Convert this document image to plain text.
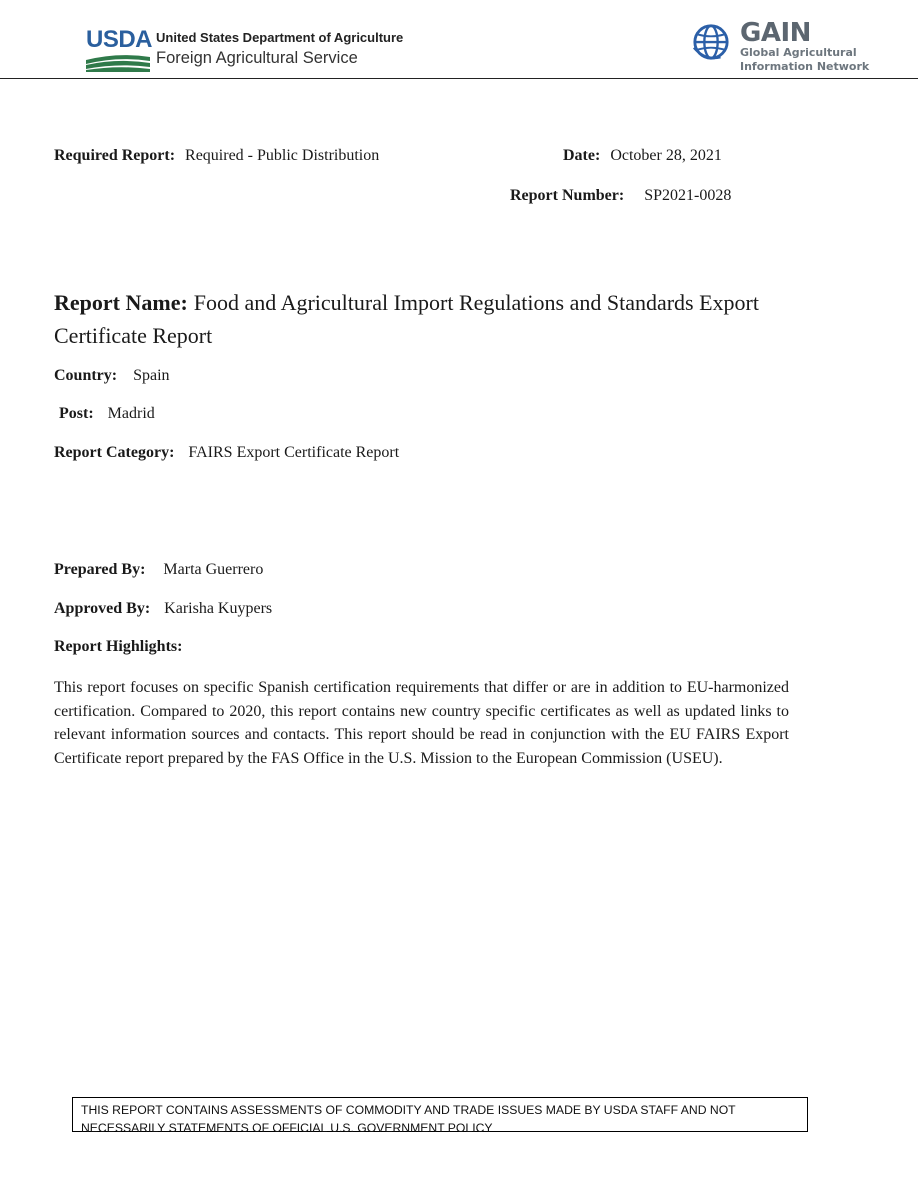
USDA United States Department of Agriculture
Foreign Agricultural Service
GAIN
Global Agricultural
Information Network
Required Report: Required - Public Distribution	Date: October 28, 2021
Report Number: SP2021-0028
Report Name: Food and Agricultural Import Regulations and Standards Export Certificate Report
Country: Spain
Post: Madrid
Report Category: FAIRS Export Certificate Report
Prepared By: Marta Guerrero
Approved By: Karisha Kuypers
Report Highlights:
This report focuses on specific Spanish certification requirements that differ or are in addition to EU-harmonized certification. Compared to 2020, this report contains new country specific certificates as well as updated links to relevant information sources and contacts. This report should be read in conjunction with the EU FAIRS Export Certificate report prepared by the FAS Office in the U.S. Mission to the European Commission (USEU).
THIS REPORT CONTAINS ASSESSMENTS OF COMMODITY AND TRADE ISSUES MADE BY USDA STAFF AND NOT NECESSARILY STATEMENTS OF OFFICIAL U.S. GOVERNMENT POLICY
